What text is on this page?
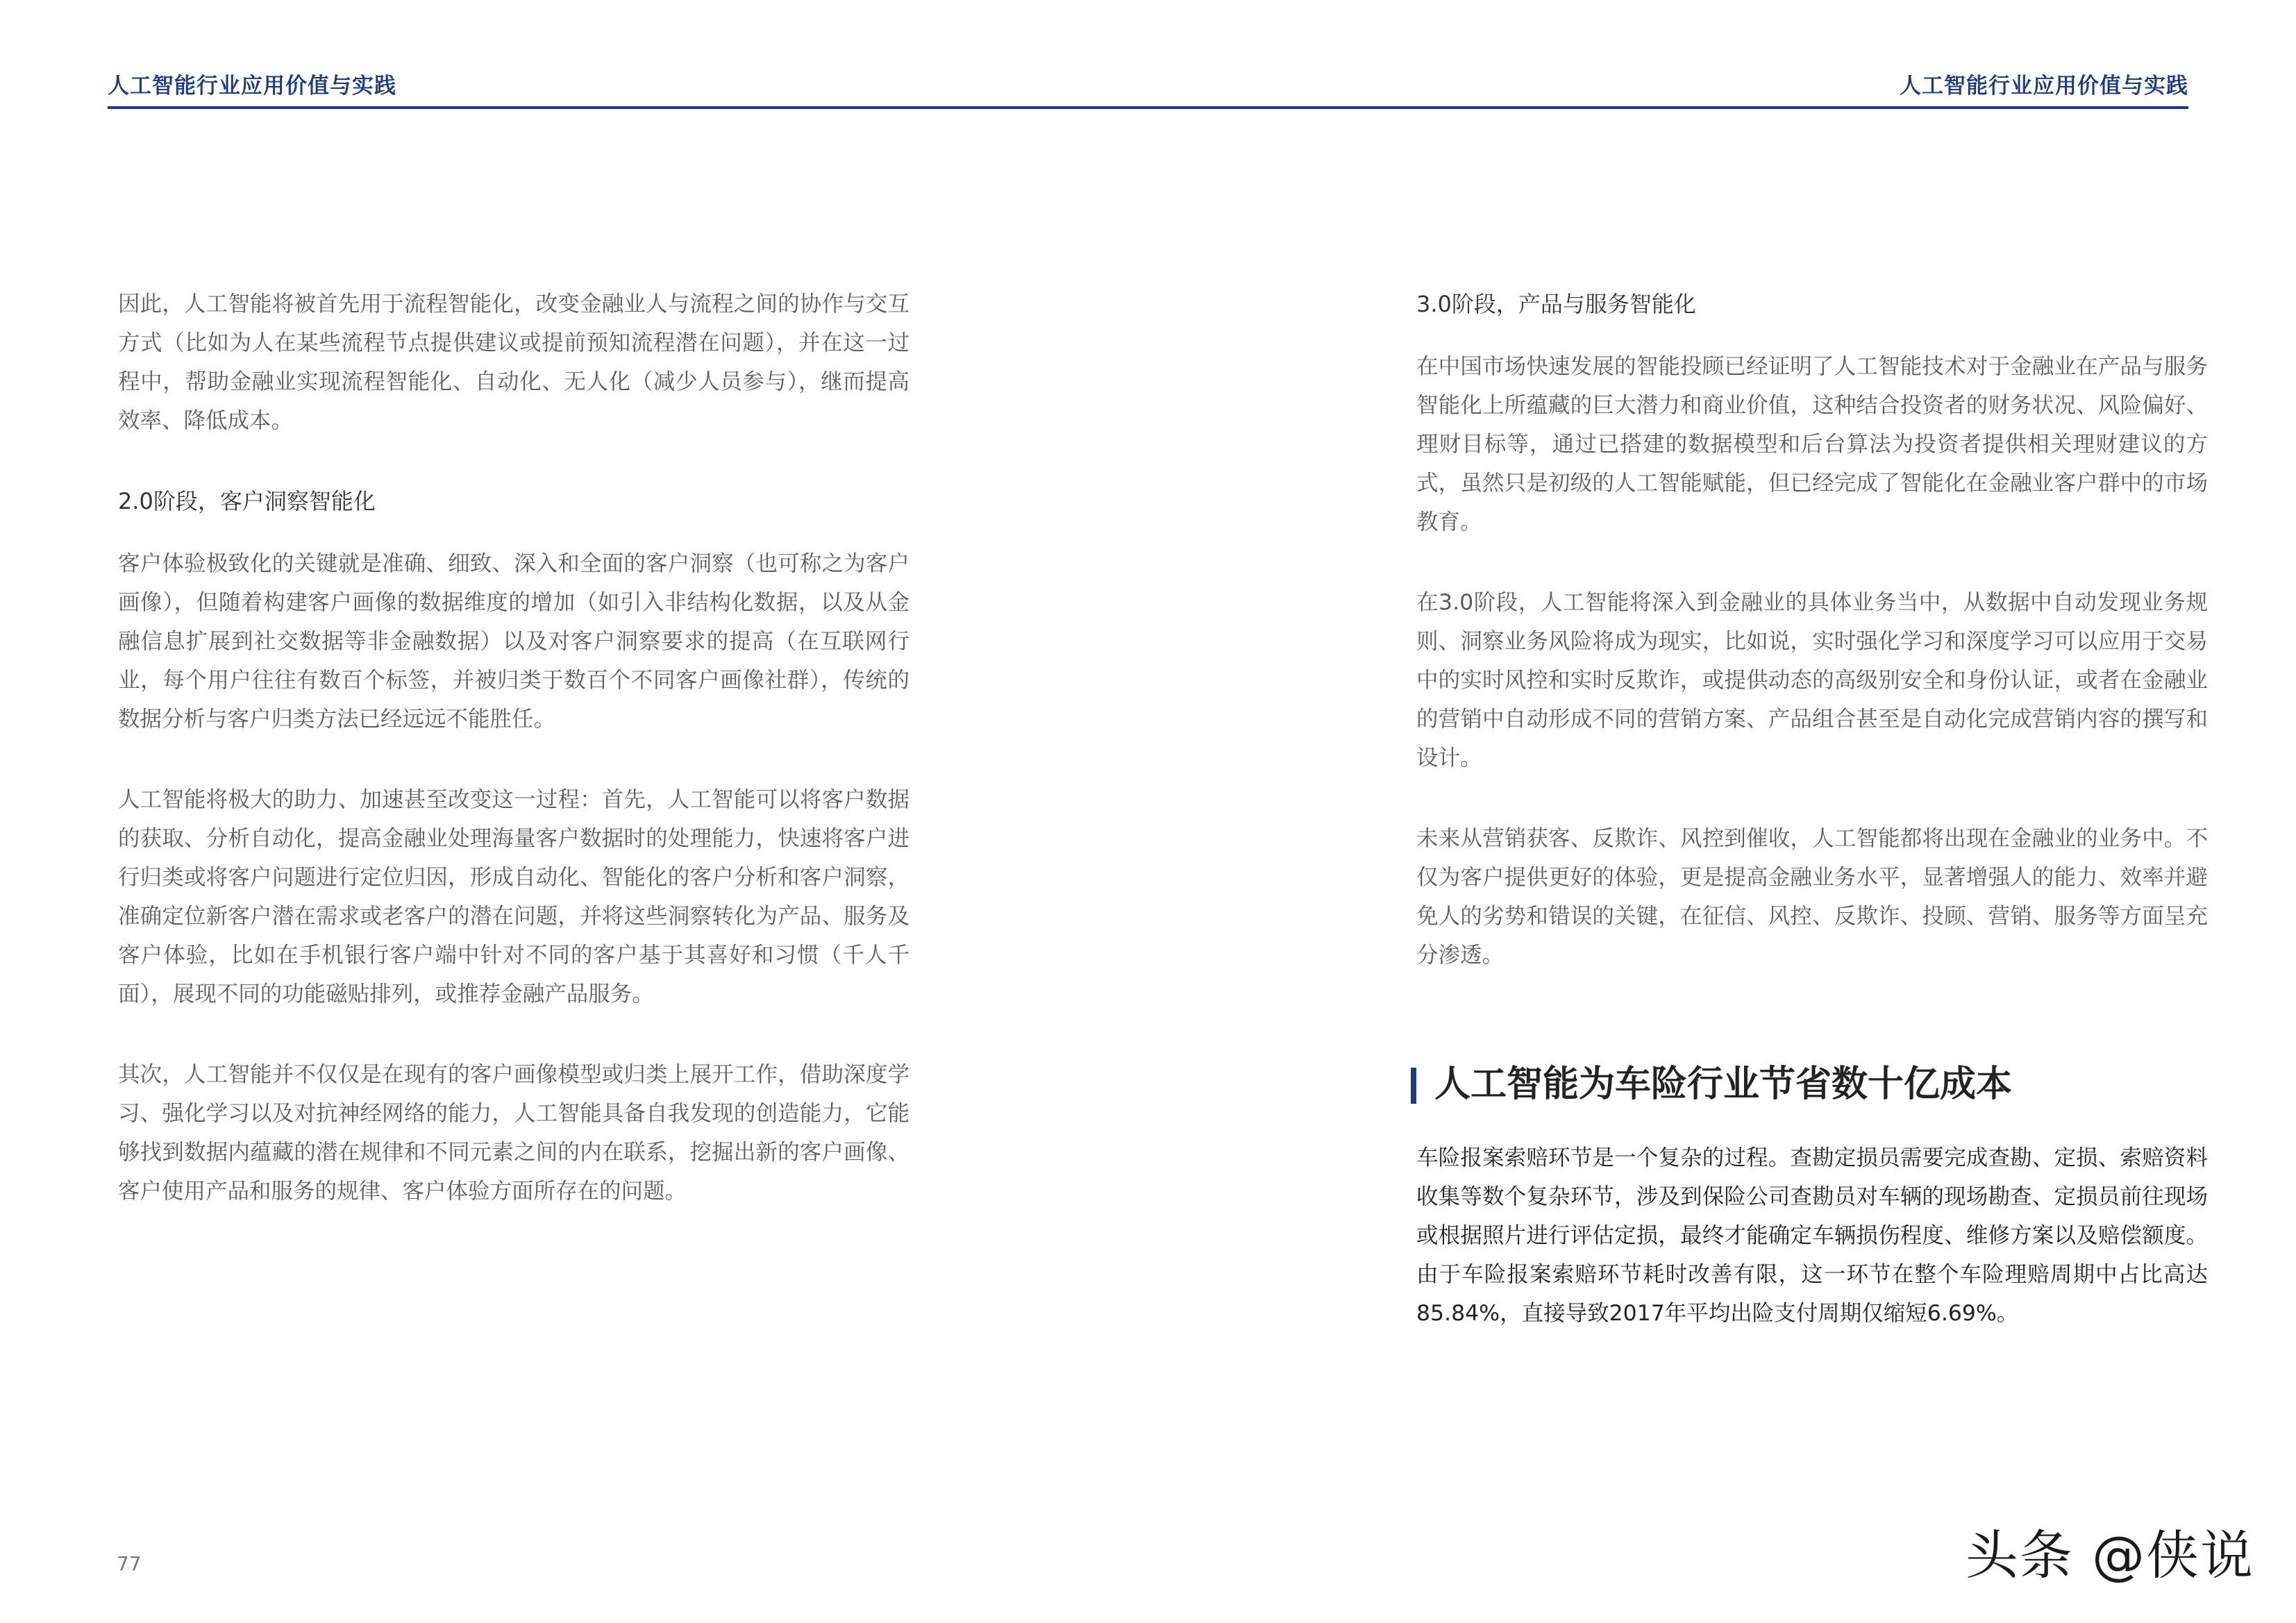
人工智能行业应用价值与实践	人工智能行业应用价值与实践

因此，人工智能将被首先用于流程智能化，改变金融业人与流程之间的协作与交互方式（比如为人在某些流程节点提供建议或提前预知流程潜在问题），并在这一过程中，帮助金融业实现流程智能化、自动化、无人化（减少人员参与），继而提高效率、降低成本。

2.0阶段，客户洞察智能化

客户体验极致化的关键就是准确、细致、深入和全面的客户洞察（也可称之为客户画像），但随着构建客户画像的数据维度的增加（如引入非结构化数据，以及从金融信息扩展到社交数据等非金融数据）以及对客户洞察要求的提高（在互联网行业，每个用户往往有数百个标签，并被归类于数百个不同客户画像社群），传统的数据分析与客户归类方法已经远远不能胜任。

人工智能将极大的助力、加速甚至改变这一过程：首先，人工智能可以将客户数据的获取、分析自动化，提高金融业处理海量客户数据时的处理能力，快速将客户进行归类或将客户问题进行定位归因，形成自动化、智能化的客户分析和客户洞察，准确定位新客户潜在需求或老客户的潜在问题，并将这些洞察转化为产品、服务及客户体验，比如在手机银行客户端中针对不同的客户基于其喜好和习惯（千人千面），展现不同的功能磁贴排列，或推荐金融产品服务。

其次，人工智能并不仅仅是在现有的客户画像模型或归类上展开工作，借助深度学习、强化学习以及对抗神经网络的能力，人工智能具备自我发现的创造能力，它能够找到数据内蕴藏的潜在规律和不同元素之间的内在联系，挖掘出新的客户画像、客户使用产品和服务的规律、客户体验方面所存在的问题。

3.0阶段，产品与服务智能化

在中国市场快速发展的智能投顾已经证明了人工智能技术对于金融业在产品与服务智能化上所蕴藏的巨大潜力和商业价值，这种结合投资者的财务状况、风险偏好、理财目标等，通过已搭建的数据模型和后台算法为投资者提供相关理财建议的方式，虽然只是初级的人工智能赋能，但已经完成了智能化在金融业客户群中的市场教育。

在3.0阶段，人工智能将深入到金融业的具体业务当中，从数据中自动发现业务规则、洞察业务风险将成为现实，比如说，实时强化学习和深度学习可以应用于交易中的实时风控和实时反欺诈，或提供动态的高级别安全和身份认证，或者在金融业的营销中自动形成不同的营销方案、产品组合甚至是自动化完成营销内容的撰写和设计。

未来从营销获客、反欺诈、风控到催收，人工智能都将出现在金融业的业务中。不仅为客户提供更好的体验，更是提高金融业务水平，显著增强人的能力、效率并避免人的劣势和错误的关键，在征信、风控、反欺诈、投顾、营销、服务等方面呈充分渗透。

人工智能为车险行业节省数十亿成本

车险报案索赔环节是一个复杂的过程。查勘定损员需要完成查勘、定损、索赔资料收集等数个复杂环节，涉及到保险公司查勘员对车辆的现场勘查、定损员前往现场或根据照片进行评估定损，最终才能确定车辆损伤程度、维修方案以及赔偿额度。由于车险报案索赔环节耗时改善有限，这一环节在整个车险理赔周期中占比高达85.84%，直接导致2017年平均出险支付周期仅缩短6.69%。

77	头条 @侠说
